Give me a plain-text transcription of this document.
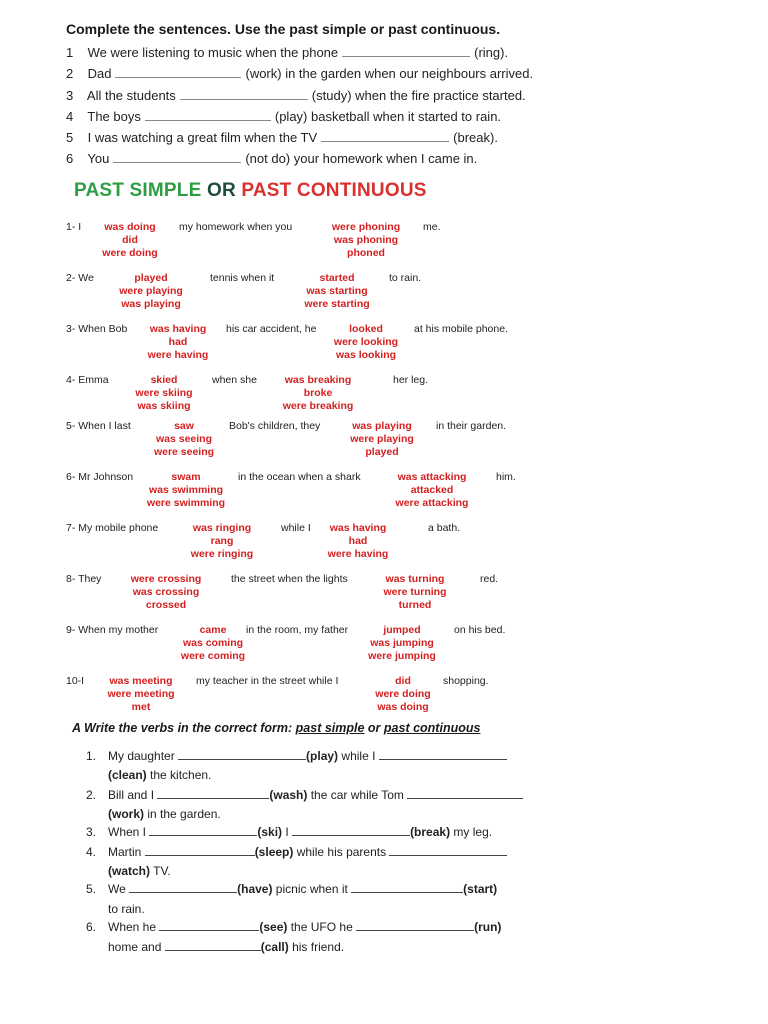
Complete the sentences. Use the past simple or past continuous.
1 We were listening to music when the phone	(ring).
2 Dad	(work) in the garden when our neighbours arrived.
3 All the students	(study) when the fire practice started.
4 The boys	(play) basketball when it started to rain.
5 I was watching a great film when the TV	(break).
6 You	(not do) your homework when I came in.
PAST SIMPLE OR PAST CONTINUOUS
1- I was doing
did
were doing
my homework when you	were phoning
was phoning
phoned
me.
2- We	played
were playing
was playing
tennis when it	started
was starting
were starting
to rain.
3- When Bob was having
had
were having
his car accident, he	looked
were looking
was looking
at his mobile phone.
4- Emma	skied
were skiing
was skiing
when she	was breaking
broke
were breaking
her leg.
5- When I last	saw
was seeing
were seeing
Bob's children, they	was playing
were playing
played
in their garden.
6- Mr Johnson	swam
was swimming
were swimming
in the ocean when a shark	was attacking
attacked
were attacking
him.
7- My mobile phone	was ringing
rang
were ringing
while I was having
had
were having
a bath.
8- They	were crossing
was crossing
crossed
the street when the lights	was turning
were turning
turned
red.
9- When my mother	came
was coming
were coming
in the room, my father	jumped
was jumping
were jumping
on his bed.
10-I was meeting
were meeting
met
my teacher in the street while I	did
were doing
was doing
shopping.
A Write the verbs in the correct form: past simple or past continuous
1. My daughter	(play) while I
(clean) the kitchen.
2. Bill and I	(wash) the car while Tom
(work) in the garden.
3. When I	(ski) I	(break) my leg.
4. Martin	(sleep) while his parents
(watch) TV.
5. We	(have) picnic when it	(start)
to rain.
6. When he	(see) the UFO he	(run)
home and	(call) his friend.
